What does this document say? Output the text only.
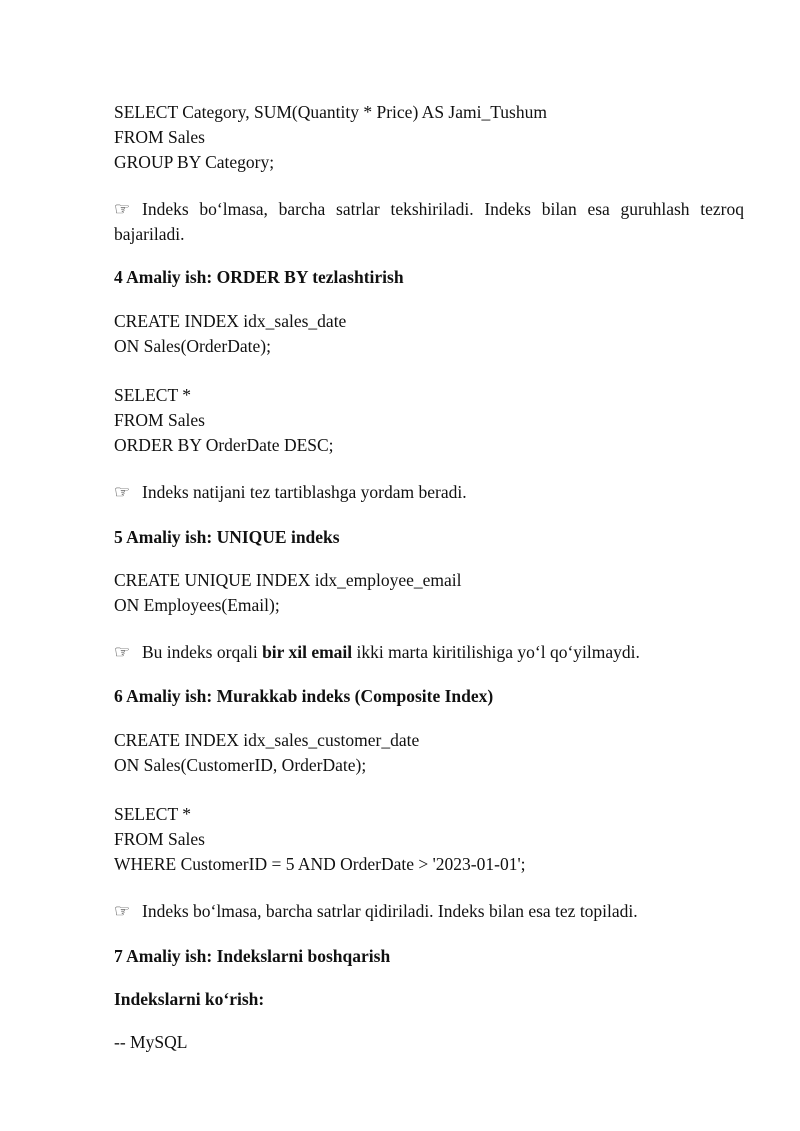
SELECT Category, SUM(Quantity * Price) AS Jami_Tushum
FROM Sales
GROUP BY Category;

☞ Indeks bo‘lmasa, barcha satrlar tekshiriladi. Indeks bilan esa guruhlash tezroq bajariladi.

4 Amaliy ish: ORDER BY tezlashtirish
CREATE INDEX idx_sales_date
ON Sales(OrderDate);
SELECT *
FROM Sales
ORDER BY OrderDate DESC;

☞ Indeks natijani tez tartiblashga yordam beradi.

5 Amaliy ish: UNIQUE indeks
CREATE UNIQUE INDEX idx_employee_email
ON Employees(Email);

☞ Bu indeks orqali bir xil email ikki marta kiritilishiga yo‘l qo‘yilmaydi.

6 Amaliy ish: Murakkab indeks (Composite Index)
CREATE INDEX idx_sales_customer_date
ON Sales(CustomerID, OrderDate);
SELECT *
FROM Sales
WHERE CustomerID = 5 AND OrderDate > '2023-01-01';

☞ Indeks bo‘lmasa, barcha satrlar qidiriladi. Indeks bilan esa tez topiladi.

7 Amaliy ish: Indekslarni boshqarish
Indekslarni ko‘rish:
-- MySQL
